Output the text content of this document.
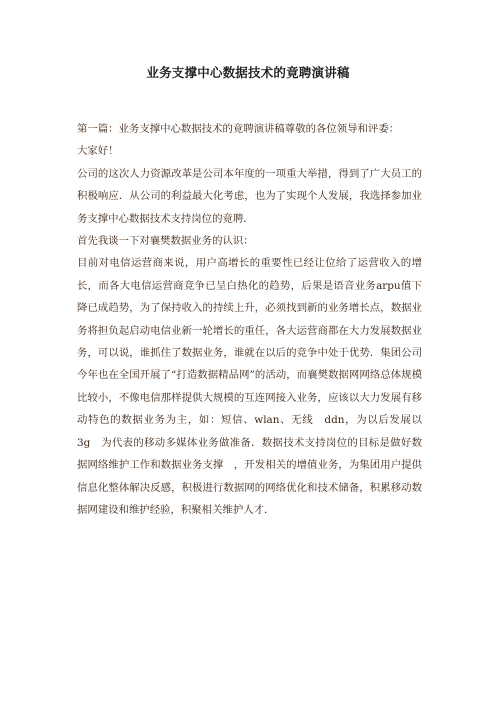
业务支撑中心数据技术的竟聘演讲稿

第一篇：业务支撑中心数据技术的竟聘演讲稿尊敬的各位领导和评委：

大家好！

公司的这次人力资源改革是公司本年度的一项重大举措，得到了广大员工的积极响应．从公司的利益最大化考虑，也为了实现个人发展，我选择参加业务支撑中心数据技术支持岗位的竟聘．

首先我谈一下对襄樊数据业务的认识：

目前对电信运营商来说，用户高增长的重要性已经让位给了运营收入的增长，而各大电信运营商竞争已呈白热化的趋势，后果是语音业务arpu值下降已成趋势，为了保持收入的持续上升，必须找到新的业务增长点，数据业务将担负起启动电信业新一轮增长的重任，各大运营商都在大力发展数据业务，可以说，谁抓住了数据业务，谁就在以后的竞争中处于优势．集团公司今年也在全国开展了“打造数据精品网”的活动，而襄樊数据网网络总体规模比较小，不像电信那样提供大规模的互连网接入业务，应该以大力发展有移动特色的数据业务为主，如：短信、wlan、无线　ddn，为以后发展以　3g　为代表的移动多媒体业务做准备．数据技术支持岗位的目标是做好数据网络维护工作和数据业务支撑　，开发相关的增值业务，为集团用户提供信息化整体解决反感，积极进行数据网的网络优化和技术储备，积累移动数据网建设和维护经验，积聚相关维护人才．
